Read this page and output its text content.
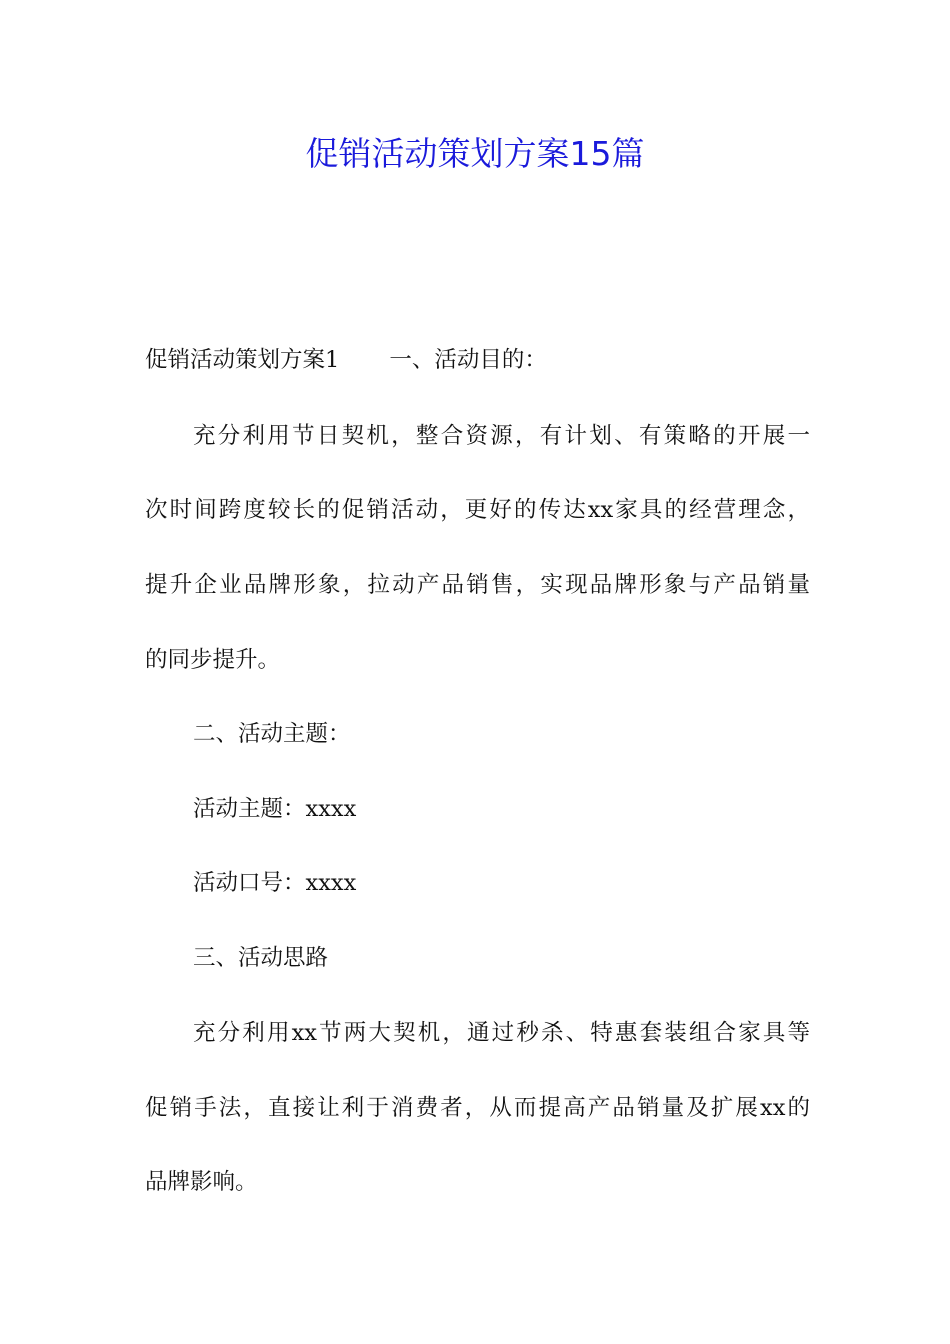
促销活动策划方案15篇

促销活动策划方案1 一、活动目的：

充分利用节日契机，整合资源，有计划、有策略的开展一

次时间跨度较长的促销活动，更好的传达xx家具的经营理念，

提升企业品牌形象，拉动产品销售，实现品牌形象与产品销量

的同步提升。

二、活动主题：

活动主题：xxxx

活动口号：xxxx

三、活动思路

充分利用xx节两大契机，通过秒杀、特惠套装组合家具等

促销手法，直接让利于消费者，从而提高产品销量及扩展xx的

品牌影响。
